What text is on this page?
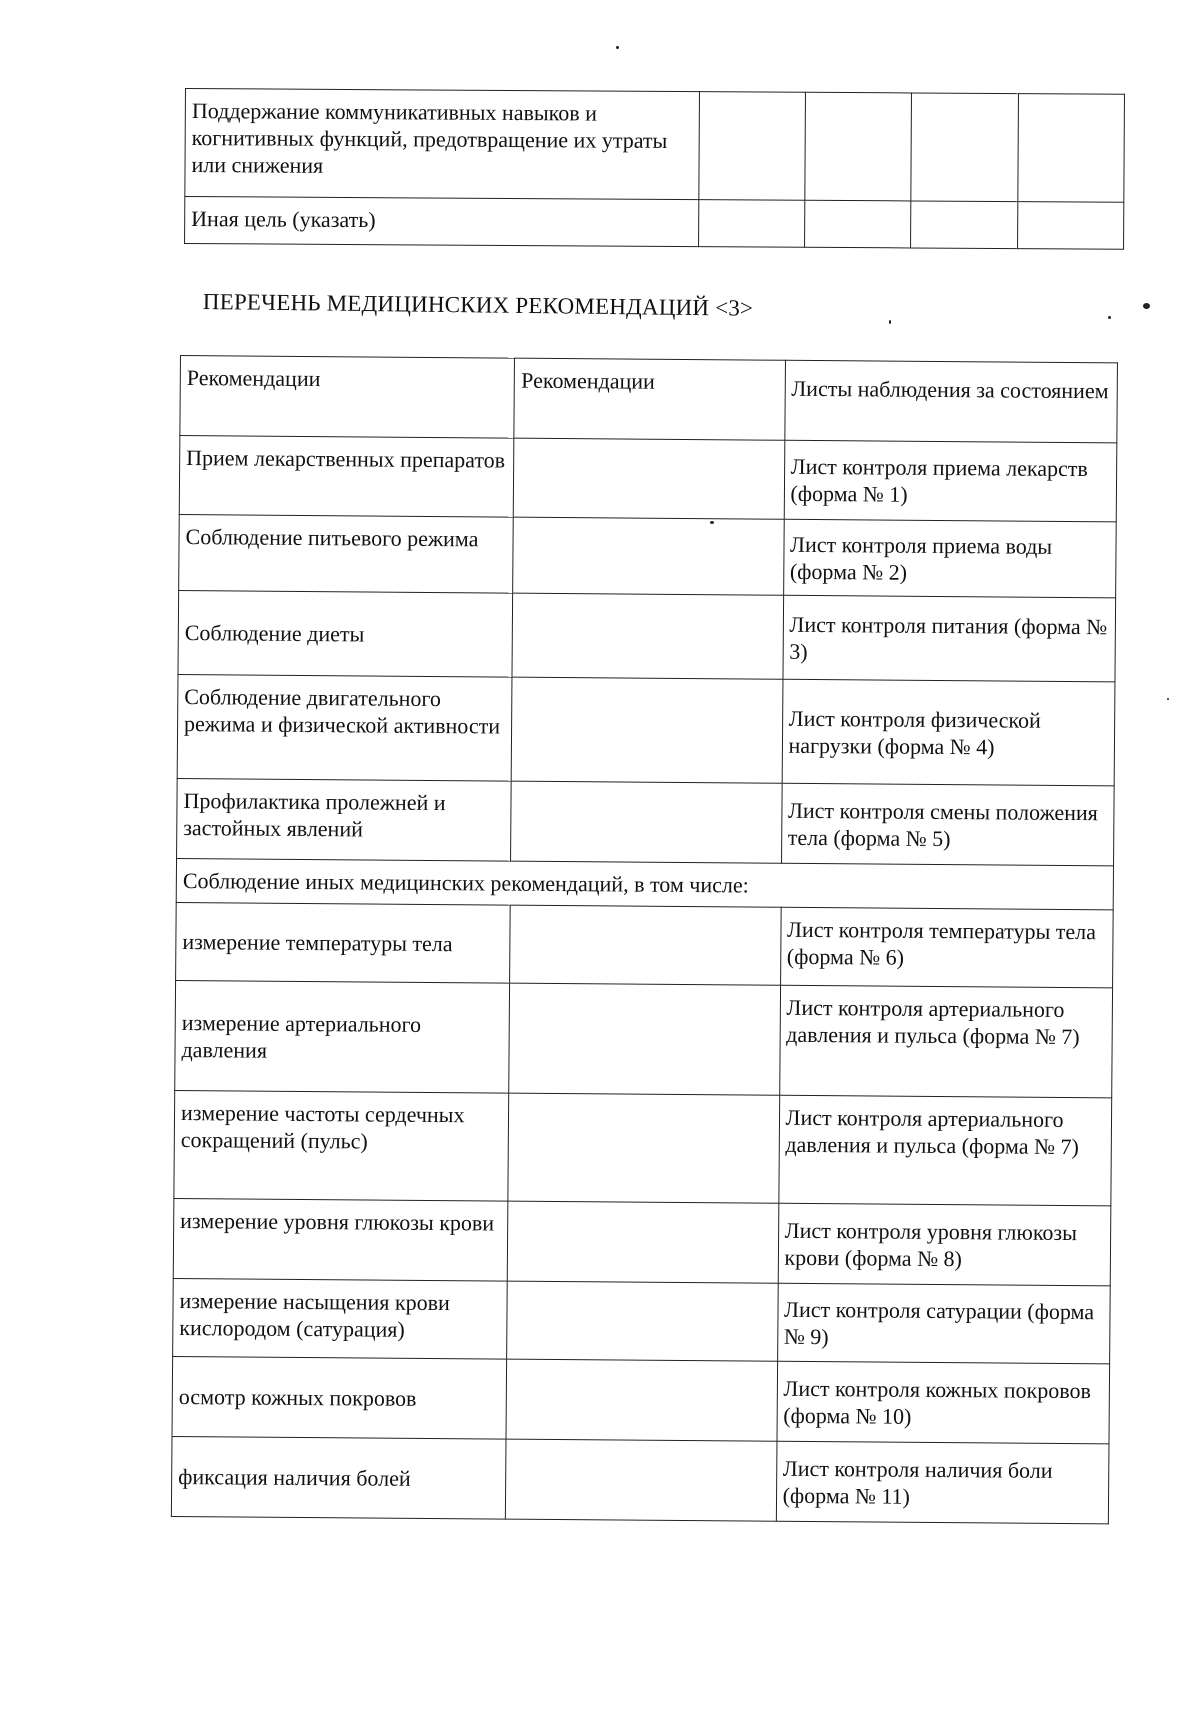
Поддержание коммуникативных навыков и когнитивных функций, предотвращение их утраты или снижения				
Иная цель (указать)				
ПЕРЕЧЕНЬ МЕДИЦИНСКИХ РЕКОМЕНДАЦИЙ <3>
Рекомендации	Рекомендации	Листы наблюдения за состоянием
Прием лекарственных препаратов		Лист контроля приема лекарств (форма № 1)
Соблюдение питьевого режима		Лист контроля приема воды (форма № 2)
Соблюдение диеты		Лист контроля питания (форма № 3)
Соблюдение двигательного режима и физической активности		Лист контроля физической нагрузки (форма № 4)
Профилактика пролежней и застойных явлений		Лист контроля смены положения тела (форма № 5)
Соблюдение иных медицинских рекомендаций, в том числе:		
измерение температуры тела		Лист контроля температуры тела (форма № 6)
измерение артериального давления		Лист контроля артериального давления и пульса (форма № 7)
измерение частоты сердечных сокращений (пульс)		Лист контроля артериального давления и пульса (форма № 7)
измерение уровня глюкозы крови		Лист контроля уровня глюкозы крови (форма № 8)
измерение насыщения крови кислородом (сатурация)		Лист контроля сатурации (форма № 9)
осмотр кожных покровов		Лист контроля кожных покровов (форма № 10)
фиксация наличия болей		Лист контроля наличия боли (форма № 11)
